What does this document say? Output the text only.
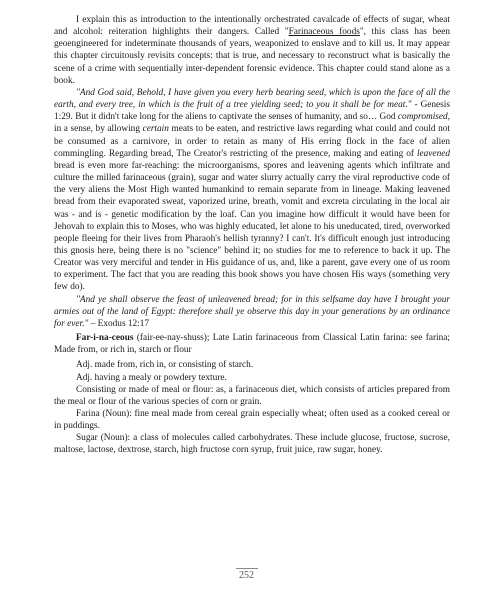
I explain this as introduction to the intentionally orchestrated cavalcade of effects of sugar, wheat and alcohol: reiteration highlights their dangers. Called "Farinaceous foods", this class has been geoengineered for indeterminate thousands of years, weaponized to enslave and to kill us. It may appear this chapter circuitously revisits concepts: that is true, and necessary to reconstruct what is basically the scene of a crime with sequentially inter-dependent forensic evidence. This chapter could stand alone as a book.

"And God said, Behold, I have given you every herb bearing seed, which is upon the face of all the earth, and every tree, in which is the fruit of a tree yielding seed; to you it shall be for meat." - Genesis 1:29. But it didn't take long for the aliens to captivate the senses of humanity, and so… God compromised, in a sense, by allowing certain meats to be eaten, and restrictive laws regarding what could and could not be consumed as a carnivore, in order to retain as many of His erring flock in the face of alien commingling. Regarding bread, The Creator's restricting of the presence, making and eating of leavened bread is even more far-reaching: the microorganisms, spores and leavening agents which infiltrate and culture the milled farinaceous (grain), sugar and water slurry actually carry the viral reproductive code of the very aliens the Most High wanted humankind to remain separate from in lineage. Making leavened bread from their evaporated sweat, vaporized urine, breath, vomit and excreta circulating in the local air was - and is - genetic modification by the loaf. Can you imagine how difficult it would have been for Jehovah to explain this to Moses, who was highly educated, let alone to his uneducated, tired, overworked people fleeing for their lives from Pharaoh's hellish tyranny? I can't. It's difficult enough just introducing this gnosis here, being there is no "science" behind it; no studies for me to reference to back it up. The Creator was very merciful and tender in His guidance of us, and, like a parent, gave every one of us room to experiment. The fact that you are reading this book shows you have chosen His ways (something very few do).

"And ye shall observe the feast of unleavened bread; for in this selfsame day have I brought your armies out of the land of Egypt: therefore shall ye observe this day in your generations by an ordinance for ever." – Exodus 12:17

Far-i-na-ceous (fair-ee-nay-shuss); Late Latin farinaceous from Classical Latin farina: see farina; Made from, or rich in, starch or flour

Adj. made from, rich in, or consisting of starch.

Adj. having a mealy or powdery texture.

Consisting or made of meal or flour: as, a farinaceous diet, which consists of articles prepared from the meal or flour of the various species of corn or grain.

Farina (Noun): fine meal made from cereal grain especially wheat; often used as a cooked cereal or in puddings.

Sugar (Noun): a class of molecules called carbohydrates. These include glucose, fructose, sucrose, maltose, lactose, dextrose, starch, high fructose corn syrup, fruit juice, raw sugar, honey.

252
